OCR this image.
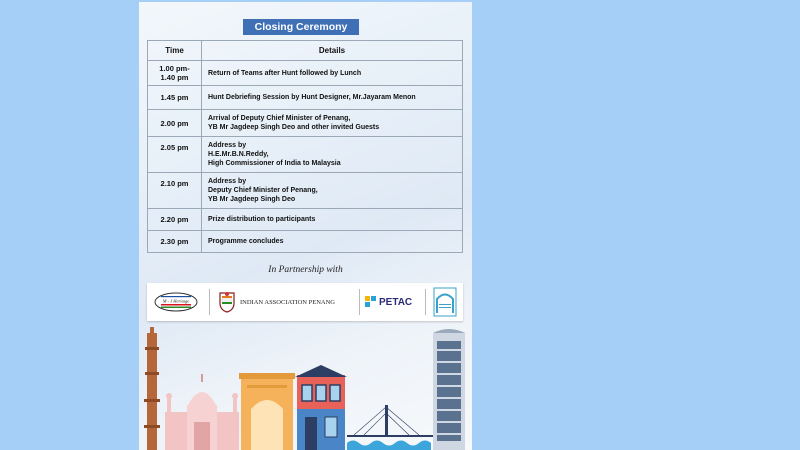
Closing Ceremony
Time	Details
1.00 pm-
1.40 pm	Return of Teams after Hunt followed by Lunch

1.45 pm	Hunt Debriefing Session by Hunt Designer, Mr.Jayaram Menon

2.00 pm	Arrival of Deputy Chief Minister of Penang,
YB Mr Jagdeep Singh Deo and other invited Guests

2.05 pm	Address by
H.E.Mr.B.N.Reddy,
High Commissioner of India to Malaysia

2.10 pm	Address by
Deputy Chief Minister of Penang,
YB Mr Jagdeep Singh Deo

2.20 pm	Prize distribution to participants

2.30 pm	Programme concludes
In Partnership with
M - J Heritage	INDIAN ASSOCIATION PENANG	PETAC
